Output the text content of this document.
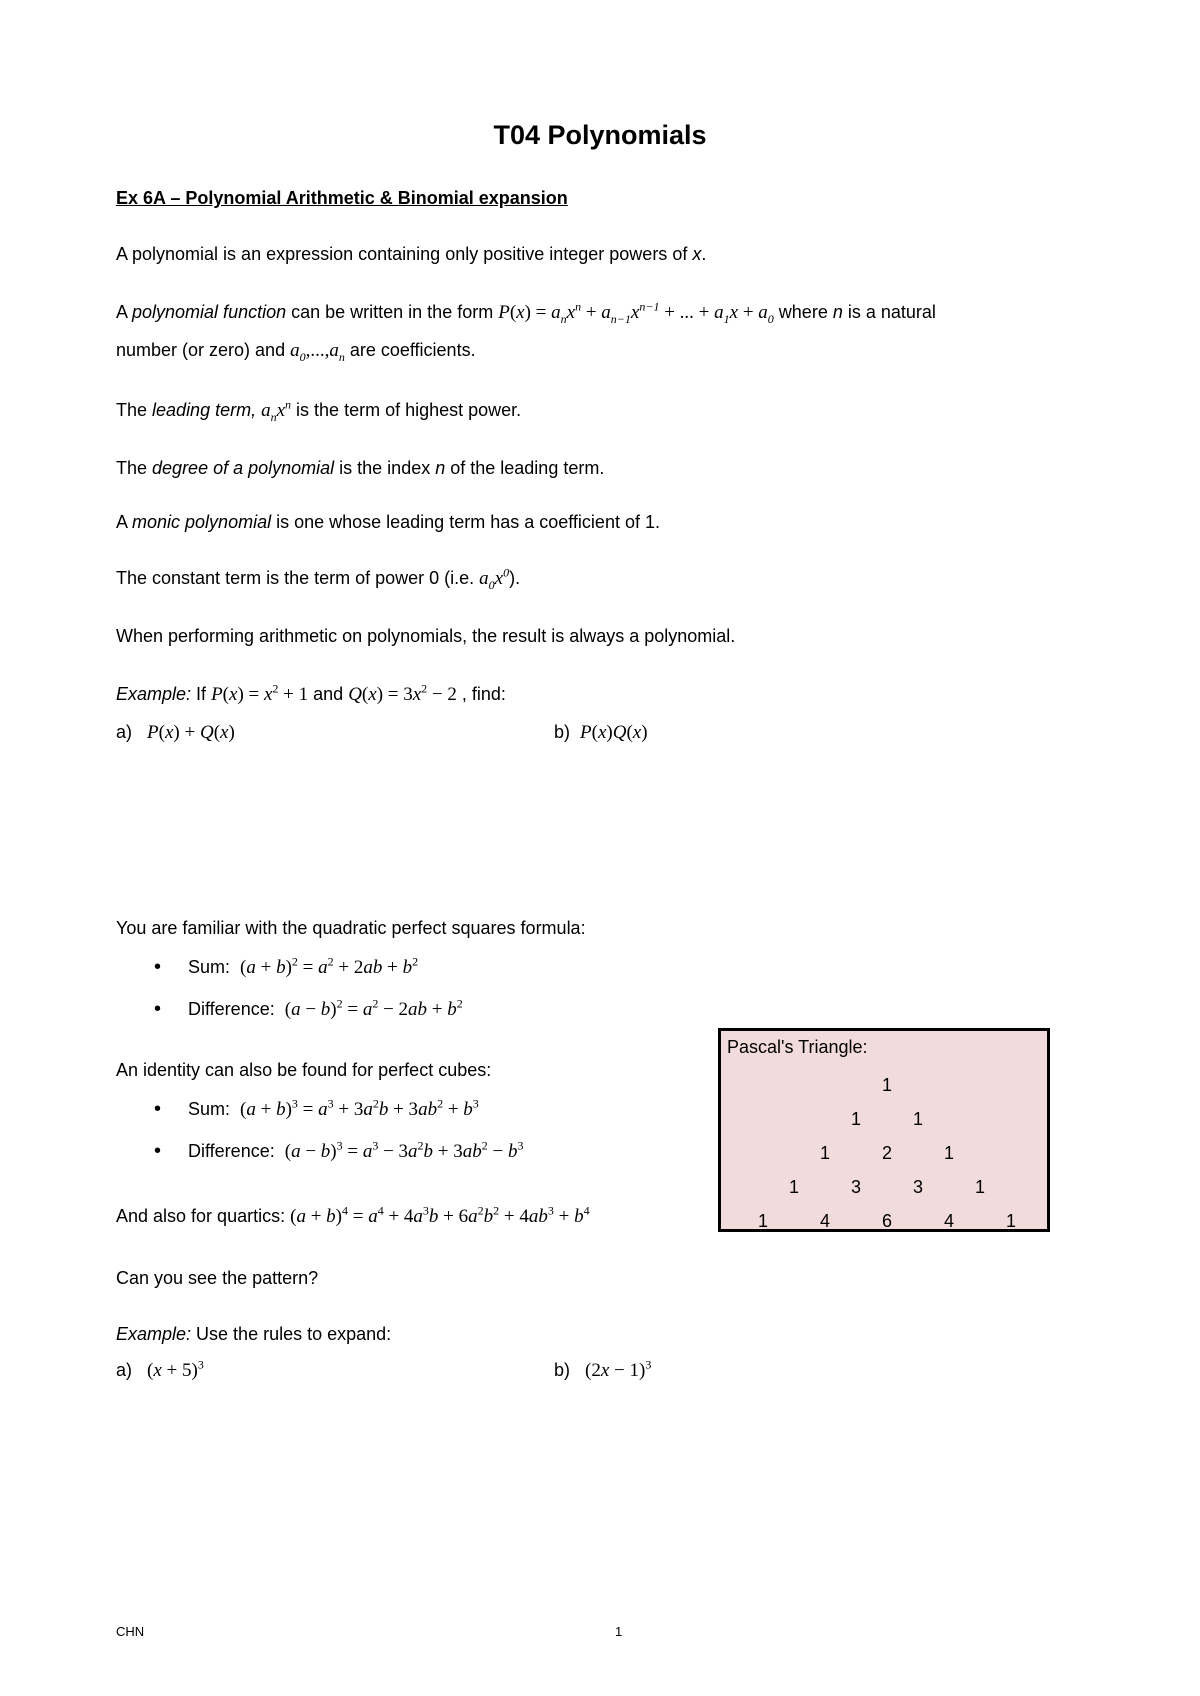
T04 Polynomials
Ex 6A – Polynomial Arithmetic & Binomial expansion
A polynomial is an expression containing only positive integer powers of x.
A polynomial function can be written in the form $P(x) = a_nx^n + a_{n-1}x^{n-1}$ + ... + $a_1x + a_0$ where n is a natural
number (or zero) and $a_0,...,a_n$ are coefficients.
The leading term, $a_nx^n$ is the term of highest power.
The degree of a polynomial is the index n of the leading term.
A monic polynomial is one whose leading term has a coefficient of 1.
The constant term is the term of power 0 (i.e. $a_0x^0$).
When performing arithmetic on polynomials, the result is always a polynomial.
Example: If $P(x) = x^2 + 1$ and $Q(x) = 3x^2 - 2$ , find:
a) P(x) + Q(x)	b) P(x)Q(x)
You are familiar with the quadratic perfect squares formula:
• Sum: $(a + b)^2 = a^2 + 2ab + b^2$
• Difference: $(a - b)^2 = a^2 - 2ab + b^2$
An identity can also be found for perfect cubes:
• Sum: $(a + b)^3 = a^3 + 3a^2b + 3ab^2 + b^3$
• Difference: $(a - b)^3 = a^3 - 3a^2b + 3ab^2 - b^3$
And also for quartics: $(a + b)^4 = a^4 + 4a^3b + 6a^2b^2 + 4ab^3 + b^4$
Can you see the pattern?
Example: Use the rules to expand:
a) $(x + 5)^3$	b) $(2x - 1)^3$
Pascal's Triangle:
1
1	1
1	2	1
1	3	3	1
1	4	6	4	1
CHN	1
